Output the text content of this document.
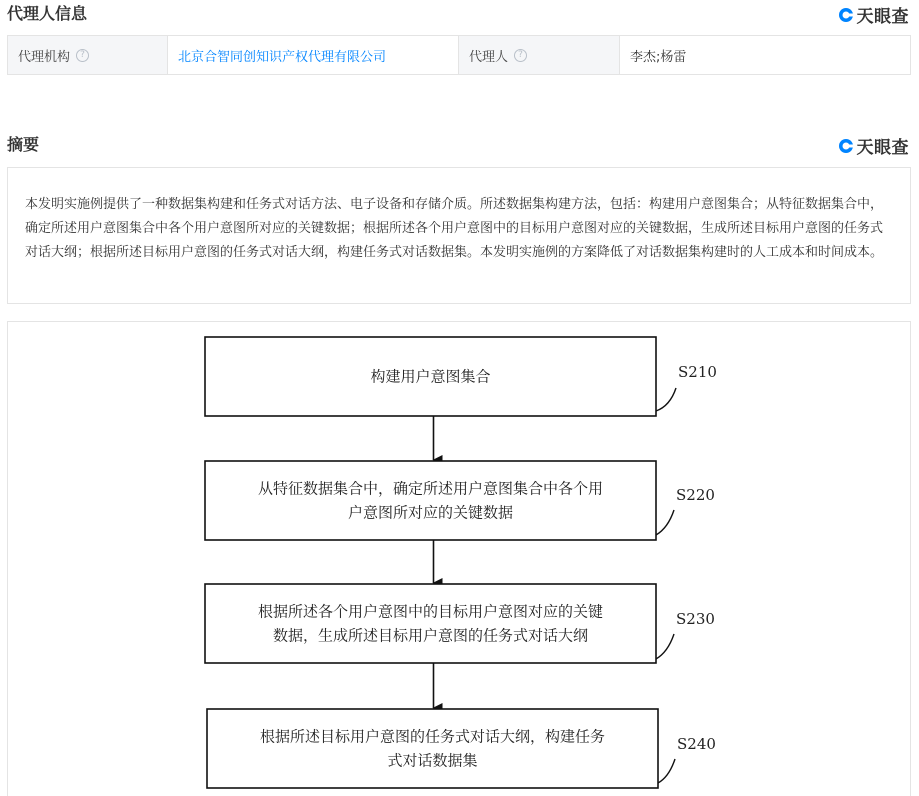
代理人信息	天眼查
代理机构	?	北京合智同创知识产权代理有限公司	代理人	?	李杰;杨雷
摘要	天眼查

本发明实施例提供了一种数据集构建和任务式对话方法、电子设备和存储介质。所述数据集构建方法，包括：构建用户意图集合；从特征数据集合中，确定所述用户意图集合中各个用户意图所对应的关键数据；根据所述各个用户意图中的目标用户意图对应的关键数据，生成所述目标用户意图的任务式对话大纲；根据所述目标用户意图的任务式对话大纲，构建任务式对话数据集。本发明实施例的方案降低了对话数据集构建时的人工成本和时间成本。

构建用户意图集合	S210
从特征数据集合中，确定所述用户意图集合中各个用
户意图所对应的关键数据
S220
根据所述各个用户意图中的目标用户意图对应的关键
数据，生成所述目标用户意图的任务式对话大纲
S230
根据所述目标用户意图的任务式对话大纲，构建任务
式对话数据集
S240
